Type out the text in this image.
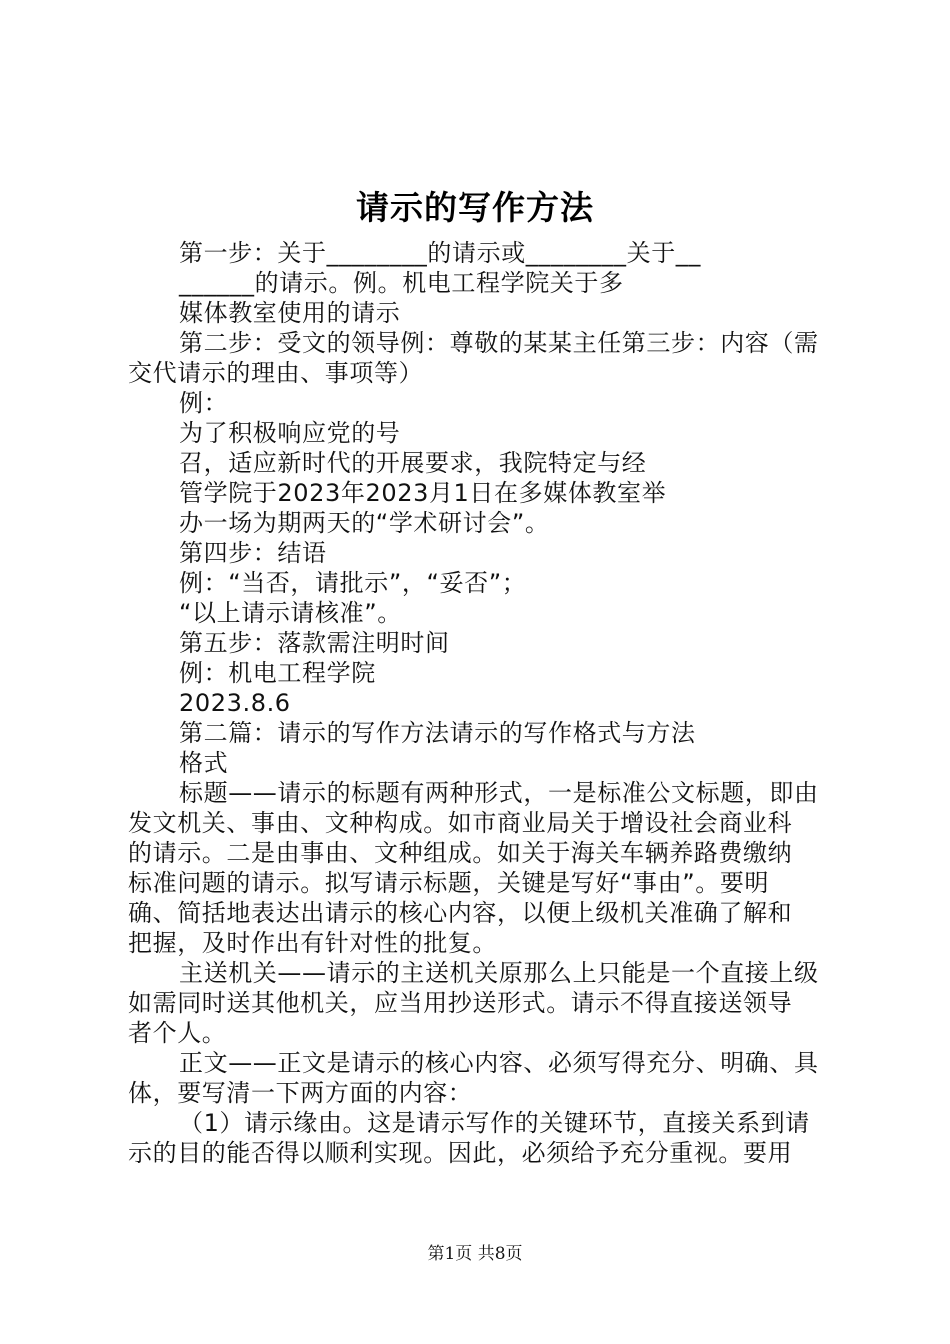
请示的写作方法
第一步：关于________的请示或________关于__
______的请示。例。机电工程学院关于多
媒体教室使用的请示
第二步：受文的领导例：尊敬的某某主任第三步：内容（需
交代请示的理由、事项等）
例：
为了积极响应党的号
召，适应新时代的开展要求，我院特定与经
管学院于2023年2023月1日在多媒体教室举
办一场为期两天的“学术研讨会”。
第四步：结语
例：“当否，请批示”，“妥否”；
“以上请示请核准”。
第五步：落款需注明时间
例：机电工程学院
2023.8.6
第二篇：请示的写作方法请示的写作格式与方法
格式
标题——请示的标题有两种形式，一是标准公文标题，即由
发文机关、事由、文种构成。如市商业局关于增设社会商业科
的请示。二是由事由、文种组成。如关于海关车辆养路费缴纳
标准问题的请示。拟写请示标题，关键是写好“事由”。要明
确、简括地表达出请示的核心内容，以便上级机关准确了解和
把握，及时作出有针对性的批复。
主送机关——请示的主送机关原那么上只能是一个直接上级
如需同时送其他机关，应当用抄送形式。请示不得直接送领导
者个人。
正文——正文是请示的核心内容、必须写得充分、明确、具
体，要写清一下两方面的内容：
（1）请示缘由。这是请示写作的关键环节，直接关系到请
示的目的能否得以顺利实现。因此，必须给予充分重视。要用
第1页 共8页
